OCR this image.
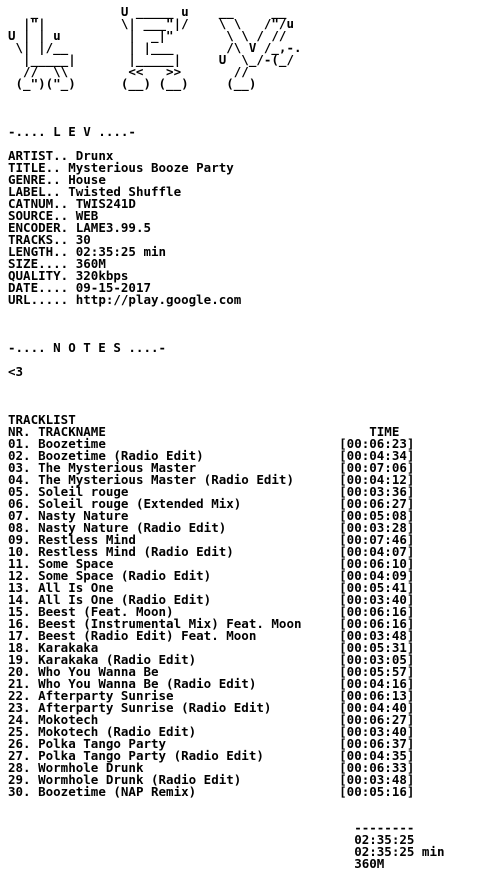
_           U _____ u    __     __
|"|          \| ___"|/    \ \   /"/u
U | | u         |  _|"       \ \ / //
\| |/__        | |___       /\ V /_,-.
|_____|       |_____|     U  \_/-(_/
//  \\        <<   >>       //
(_")("_)      (__) (__)     (__)
-.... L E V ....-
ARTIST.. Drunx
TITLE.. Mysterious Booze Party
GENRE.. House
LABEL.. Twisted Shuffle
CATNUM.. TWIS241D
SOURCE.. WEB
ENCODER. LAME3.99.5
TRACKS.. 30
LENGTH.. 02:35:25 min
SIZE.... 360M
QUALITY. 320kbps
DATE.... 09-15-2017
URL..... http://play.google.com
-.... N O T E S ....-
<3
TRACKLIST
NR. TRACKNAME	TIME
01. Boozetime	[00:06:23]
02. Boozetime (Radio Edit)	[00:04:34]
03. The Mysterious Master	[00:07:06]
04. The Mysterious Master (Radio Edit)	[00:04:12]
05. Soleil rouge	[00:03:36]
06. Soleil rouge (Extended Mix)	[00:06:27]
07. Nasty Nature	[00:05:08]
08. Nasty Nature (Radio Edit)	[00:03:28]
09. Restless Mind	[00:07:46]
10. Restless Mind (Radio Edit)	[00:04:07]
11. Some Space	[00:06:10]
12. Some Space (Radio Edit)	[00:04:09]
13. All Is One	[00:05:41]
14. All Is One (Radio Edit)	[00:03:40]
15. Beest (Feat. Moon)	[00:06:16]
16. Beest (Instrumental Mix) Feat. Moon	[00:06:16]
17. Beest (Radio Edit) Feat. Moon	[00:03:48]
18. Karakaka	[00:05:31]
19. Karakaka (Radio Edit)	[00:03:05]
20. Who You Wanna Be	[00:05:57]
21. Who You Wanna Be (Radio Edit)	[00:04:16]
22. Afterparty Sunrise	[00:06:13]
23. Afterparty Sunrise (Radio Edit)	[00:04:40]
24. Mokotech	[00:06:27]
25. Mokotech (Radio Edit)	[00:03:40]
26. Polka Tango Party	[00:06:37]
27. Polka Tango Party (Radio Edit)	[00:04:35]
28. Wormhole Drunk	[00:06:33]
29. Wormhole Drunk (Radio Edit)	[00:03:48]
30. Boozetime (NAP Remix)	[00:05:16]
--------
02:35:25
02:35:25 min
360M
